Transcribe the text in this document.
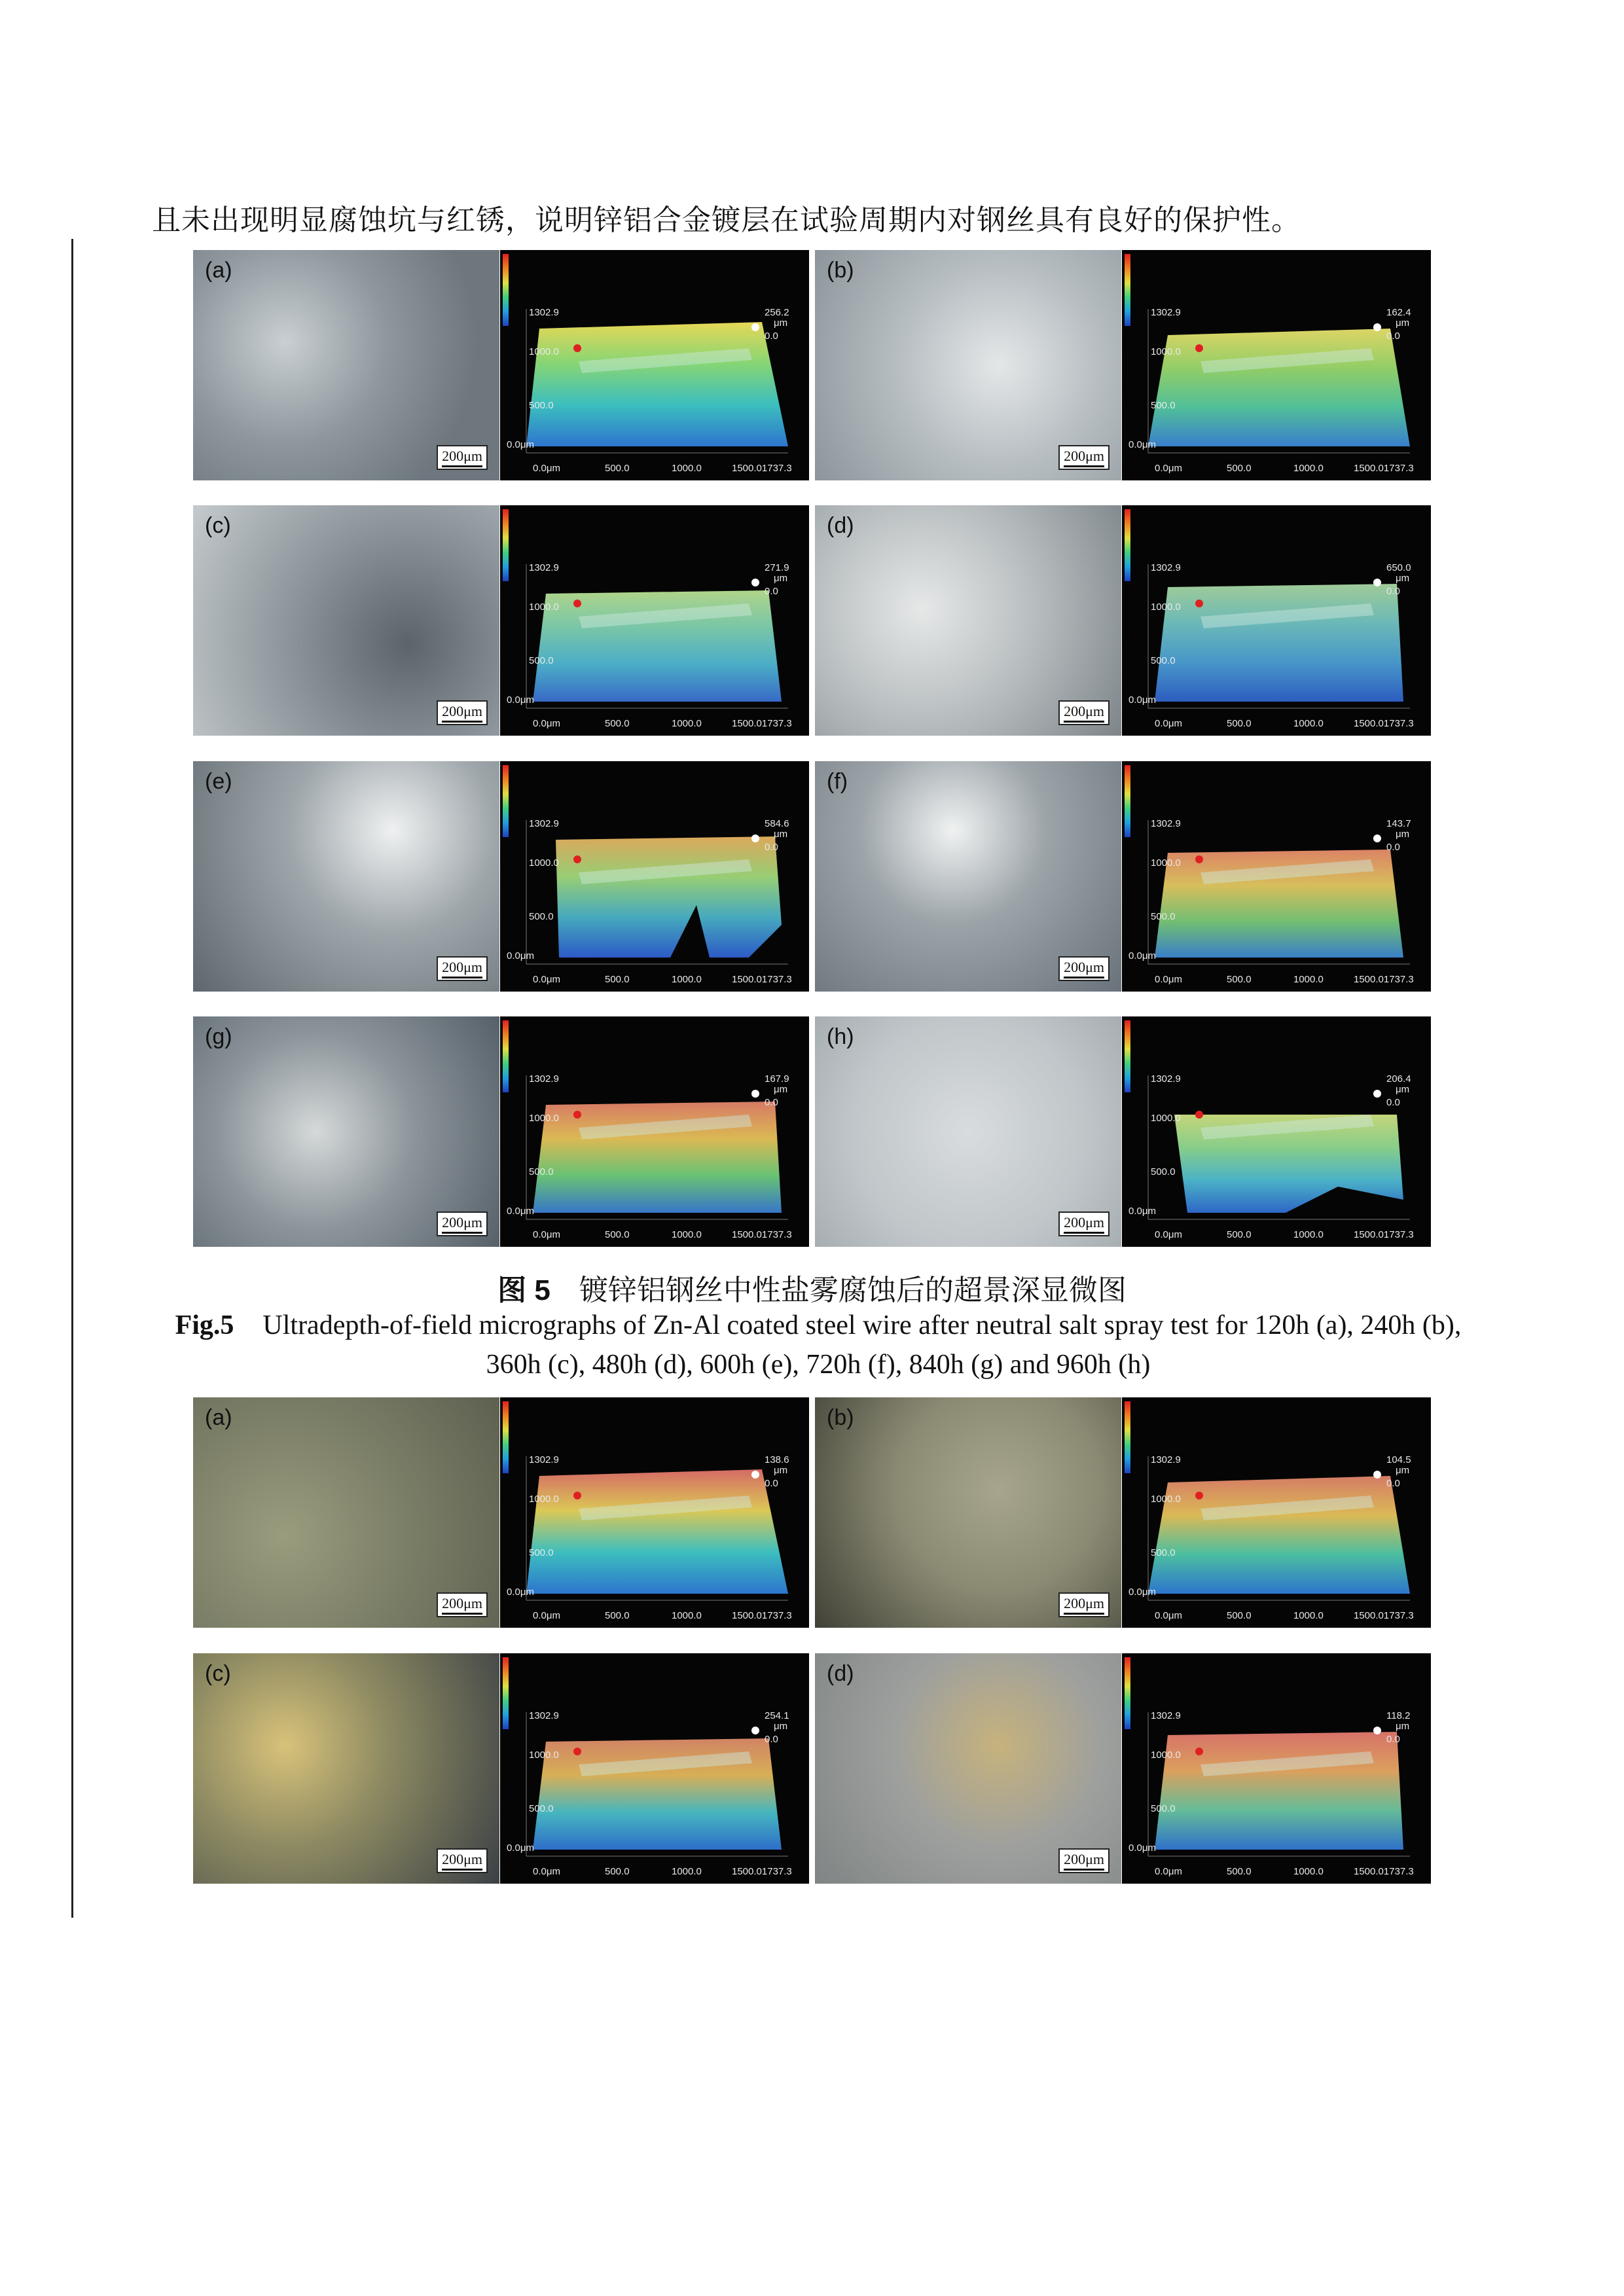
且未出现明显腐蚀坑与红锈，说明锌铝合金镀层在试验周期内对钢丝具有良好的保护性。
(a)
200μm
1302.9
1000.0
500.0
0.0μm
0.0μm	500.0	1000.0	1500.01737.3
256.2
μm
0.0
(b)
200μm
1302.9
1000.0
500.0
0.0μm
0.0μm	500.0	1000.0	1500.01737.3
162.4
μm
0.0
(c)
200μm
1302.9
1000.0
500.0
0.0μm
0.0μm	500.0	1000.0	1500.01737.3
271.9
μm
0.0
(d)
200μm
1302.9
1000.0
500.0
0.0μm
0.0μm	500.0	1000.0	1500.01737.3
650.0
μm
0.0
(e)
200μm
1302.9
1000.0
500.0
0.0μm
0.0μm	500.0	1000.0	1500.01737.3
584.6
μm
0.0
(f)
200μm
1302.9
1000.0
500.0
0.0μm
0.0μm	500.0	1000.0	1500.01737.3
143.7
μm
0.0
(g)
200μm
1302.9
1000.0
500.0
0.0μm
0.0μm	500.0	1000.0	1500.01737.3
167.9
μm
0.0
(h)
200μm
1302.9
1000.0
500.0
0.0μm
0.0μm	500.0	1000.0	1500.01737.3
206.4
μm
0.0
(a)
200μm
1302.9
1000.0
500.0
0.0μm
0.0μm	500.0	1000.0	1500.01737.3
138.6
μm
0.0
(b)
200μm
1302.9
1000.0
500.0
0.0μm
0.0μm	500.0	1000.0	1500.01737.3
104.5
μm
0.0
(c)
200μm
1302.9
1000.0
500.0
0.0μm
0.0μm	500.0	1000.0	1500.01737.3
254.1
μm
0.0
(d)
200μm
1302.9
1000.0
500.0
0.0μm
0.0μm	500.0	1000.0	1500.01737.3
118.2
μm
0.0
图 5 镀锌铝钢丝中性盐雾腐蚀后的超景深显微图
Fig.5 Ultradepth-of-field micrographs of Zn-Al coated steel wire after neutral salt spray test for 120h (a), 240h (b), 360h (c), 480h (d), 600h (e), 720h (f), 840h (g) and 960h (h)
